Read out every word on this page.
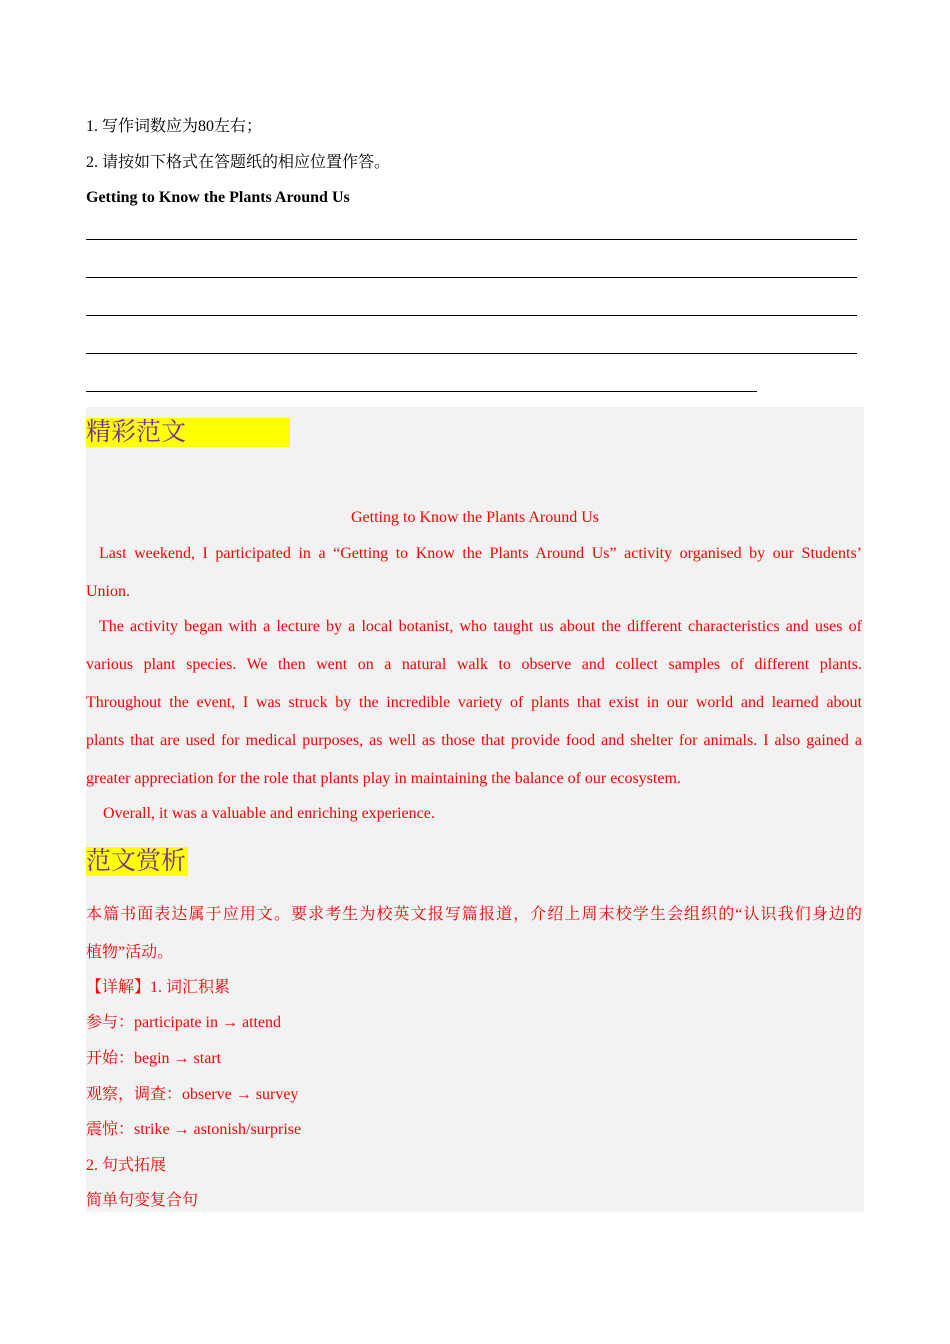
1. 写作词数应为80左右；
2. 请按如下格式在答题纸的相应位置作答。
Getting to Know the Plants Around Us
精彩范文
Getting to Know the Plants Around Us
Last weekend, I participated in a “Getting to Know the Plants Around Us” activity organised by our Students’
Union.
The activity began with a lecture by a local botanist, who taught us about the different characteristics and uses of
various plant species. We then went on a natural walk to observe and collect samples of different plants.
Throughout the event, I was struck by the incredible variety of plants that exist in our world and learned about
plants that are used for medical purposes, as well as those that provide food and shelter for animals. I also gained a
greater appreciation for the role that plants play in maintaining the balance of our ecosystem.
Overall, it was a valuable and enriching experience.
范文赏析
本篇书面表达属于应用文。要求考生为校英文报写篇报道，介绍上周末校学生会组织的“认识我们身边的
植物”活动。
【详解】1. 词汇积累
参与：participate in → attend
开始：begin → start
观察，调查：observe → survey
震惊：strike → astonish/surprise
2. 句式拓展
简单句变复合句
